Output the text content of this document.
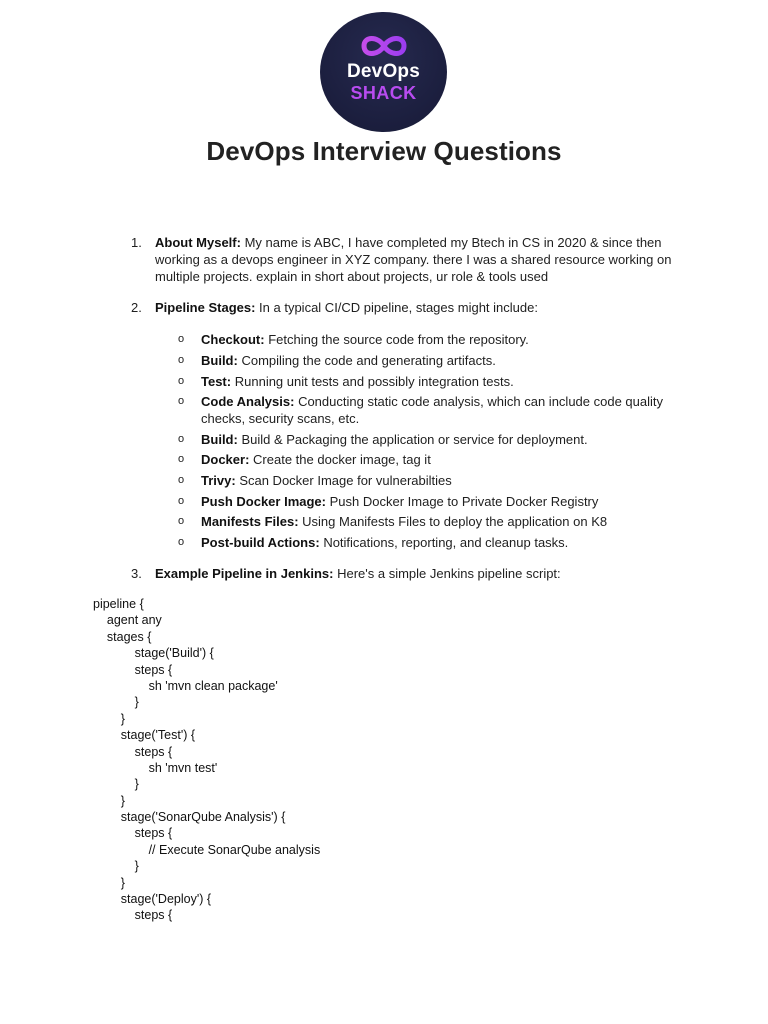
DevOps
SHACK
DevOps Interview Questions
1. About Myself: My name is ABC, I have completed my Btech in CS in 2020 & since then working as a devops engineer in XYZ company. there I was a shared resource working on multiple projects. explain in short about projects, ur role & tools used
2. Pipeline Stages: In a typical CI/CD pipeline, stages might include:
o Checkout: Fetching the source code from the repository.
o Build: Compiling the code and generating artifacts.
o Test: Running unit tests and possibly integration tests.
o Code Analysis: Conducting static code analysis, which can include code quality checks, security scans, etc.
o Build: Build & Packaging the application or service for deployment.
o Docker: Create the docker image, tag it
o Trivy: Scan Docker Image for vulnerabilties
o Push Docker Image: Push Docker Image to Private Docker Registry
o Manifests Files: Using Manifests Files to deploy the application on K8
o Post-build Actions: Notifications, reporting, and cleanup tasks.
3. Example Pipeline in Jenkins: Here's a simple Jenkins pipeline script:
pipeline {
agent any
stages {
stage('Build') {
steps {
sh 'mvn clean package'
}
}
stage('Test') {
steps {
sh 'mvn test'
}
}
stage('SonarQube Analysis') {
steps {
// Execute SonarQube analysis
}
}
stage('Deploy') {
steps {
